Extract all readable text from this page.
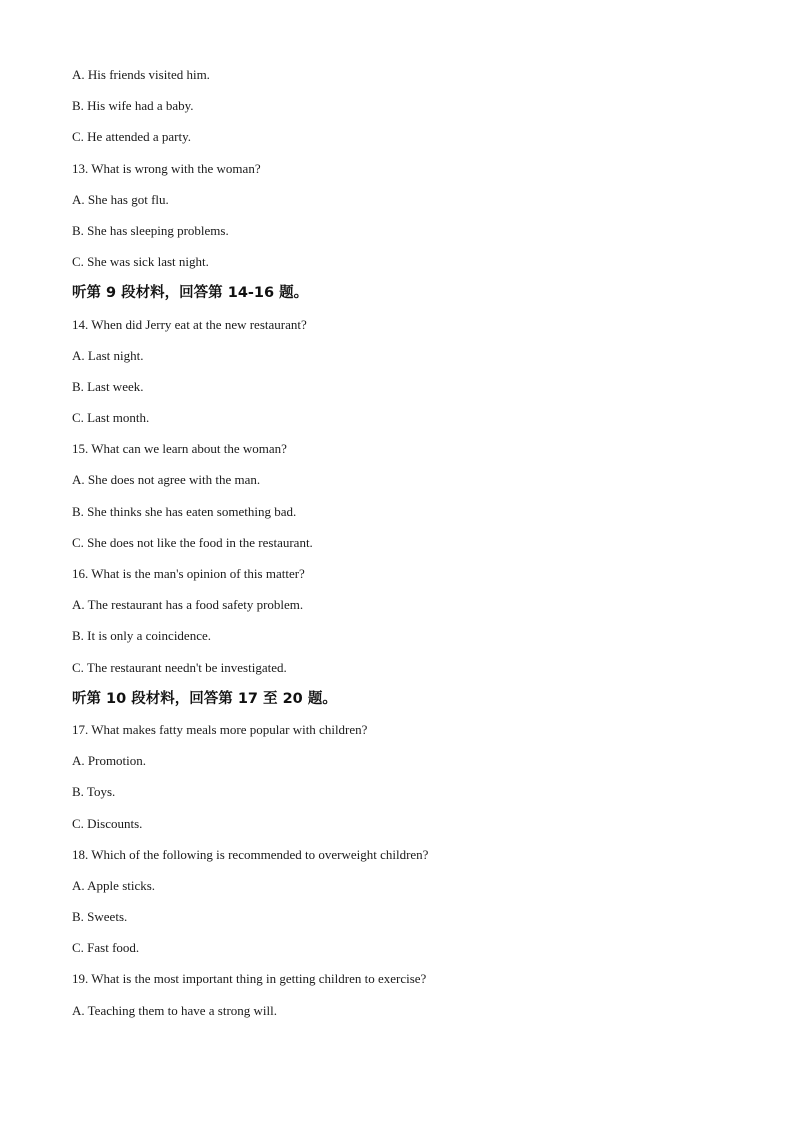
A. His friends visited him.
B. His wife had a baby.
C. He attended a party.
13. What is wrong with the woman?
A. She has got flu.
B. She has sleeping problems.
C. She was sick last night.
听第 9 段材料，回答第 14-16 题。
14. When did Jerry eat at the new restaurant?
A. Last night.
B. Last week.
C. Last month.
15. What can we learn about the woman?
A. She does not agree with the man.
B. She thinks she has eaten something bad.
C. She does not like the food in the restaurant.
16. What is the man's opinion of this matter?
A. The restaurant has a food safety problem.
B. It is only a coincidence.
C. The restaurant needn't be investigated.
听第 10 段材料，回答第 17 至 20 题。
17. What makes fatty meals more popular with children?
A. Promotion.
B. Toys.
C. Discounts.
18. Which of the following is recommended to overweight children?
A. Apple sticks.
B. Sweets.
C. Fast food.
19. What is the most important thing in getting children to exercise?
A. Teaching them to have a strong will.
